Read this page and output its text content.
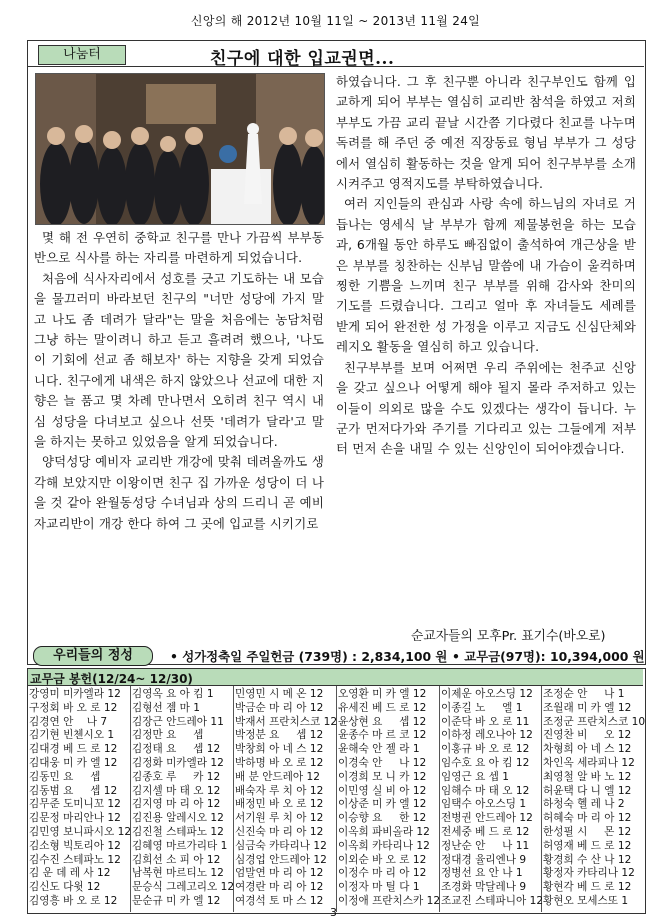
신앙의 해 2012년 10월 11일 ~ 2013년 11월 24일
나눔터	친구에 대한 입교권면...

몇 해 전 우연히 중학교 친구를 만나 가끔씩 부부동반으로 식사를 하는 자리를 마련하게 되었습니다.

처음에 식사자리에서 성호를 긋고 기도하는 내 모습을 물끄러미 바라보던 친구의 "너만 성당에 가지 말고 나도 좀 데려가 달라"는 말을 처음에는 농담처럼 그냥 하는 말이려니 하고 듣고 흘려려 했으나, '나도 이 기회에 선교 좀 해보자' 하는 지향을 갖게 되었습니다. 친구에게 내색은 하지 않았으나 선교에 대한 지향은 늘 품고 몇 차례 만나면서 오히려 친구 역시 내심 성당을 다녀보고 싶으나 선뜻 '데려가 달라'고 말을 하지는 못하고 있었음을 알게 되었습니다.

양덕성당 예비자 교리반 개강에 맞춰 데려올까도 생각해 보았지만 이왕이면 친구 집 가까운 성당이 더 나을 것 같아 완월동성당 수녀님과 상의 드리니 곧 예비자교리반이 개강 한다 하여 그 곳에 입교를 시키기로

하였습니다. 그 후 친구뿐 아니라 친구부인도 함께 입교하게 되어 부부는 열심히 교리반 참석을 하였고 저희 부부도 가끔 교리 끝날 시간쯤 기다렸다 친교를 나누며 독려를 해 주던 중 예전 직장동료 형님 부부가 그 성당에서 열심히 활동하는 것을 알게 되어 친구부부를 소개 시켜주고 영적지도를 부탁하였습니다.

여러 지인들의 관심과 사랑 속에 하느님의 자녀로 거듭나는 영세식 날 부부가 함께 제물봉헌을 하는 모습과, 6개월 동안 하루도 빠짐없이 출석하여 개근상을 받은 부부를 칭찬하는 신부님 말씀에 내 가슴이 울컥하며 찡한 기쁨을 느끼며 친구 부부를 위해 감사와 찬미의 기도를 드렸습니다. 그리고 얼마 후 자녀들도 세례를 받게 되어 완전한 성 가정을 이루고 지금도 신심단체와 레지오 활동을 열심히 하고 있습니다.

친구부부를 보며 어쩌면 우리 주위에는 천주교 신앙을 갖고 싶으나 어떻게 해야 될지 몰라 주저하고 있는 이들이 의외로 많을 수도 있겠다는 생각이 듭니다. 누군가 먼저다가와 주기를 기다리고 있는 그들에게 저부터 먼저 손을 내밀 수 있는 신앙인이 되어야겠습니다.

순교자들의 모후Pr. 표기수(바오로)
우리들의 정성	• 성가정축일 주일헌금 (739명) : 2,834,100 원 • 교무금(97명): 10,394,000 원
교무금 봉헌(12/24~ 12/30)
강영미 미카엘라 12
구정회 바 오 로 12
김경연 안    나 7
김기현 빈첸시오 1
김대경 베 드 로 12
김대웅 미 카 엘 12
김동민 요     셉
김동범 요     셉 12
김무준 도미니꼬 12
김문정 마리안나 12
김민영 보니파시오 12
김소형 빅토리아 12
김수진 스테파노 12
김 운 데 레 사 12
김신도 다윗 12
김영흥 바 오 로 12
김영옥 요 아 킴 1
김형선 젬 마 1
김장근 안드레아 11
김정만 요     셉
김정태 요     셉 12
김정화 미카엘라 12
김종호 루     카 12
김지셀 마 태 오 12
김지영 마 리 아 12
김진용 알레시오 12
김진철 스테파노 12
김혜영 마르가리타 1
김희선 소 피 아 12
남복현 마르티노 12
문승식 그레고리오 12
문순규 미 카 엘 12
민영민 시 메 온 12
박금순 마 리 아 12
박재서 프란치스코 12
박정분 요     셉 12
박창희 아 네 스 12
박하명 바 오 로 12
배 분 안드레아 12
배숙자 루 치 아 12
배정민 바 오 로 12
서기원 루 치 아 12
신진숙 마 리 아 12
심금숙 카타리나 12
심경업 안드레아 12
엄말연 마 리 아 12
여경란 마 리 아 12
여경석 토 마 스 12
오영환 미 카 엘 12
유세진 베 드 로 12
윤상현 요     셉 12
윤종수 마 르 코 12
윤해숙 안 젤 라 1
이경숙 안     나 12
이경희 모 니 카 12
이민영 실 비 아 12
이상준 미 카 엘 12
이승향 요     한 12
이옥희 파비올라 12
이옥희 카타리나 12
이외순 바 오 로 12
이정수 마 리 아 12
이정자 마 틸 다 1
이정애 프란치스카 12
이제운 아오스딩 12
이종길 노     엘 1
이준닥 바 오 로 11
이하정 레오나아 12
이홍규 바 오 로 12
임수호 요 아 킴 12
임영근 요 셉 1
임해수 마 태 오 12
임택수 아오스딩 1
전병권 안드레아 12
전세중 베 드 로 12
정난순 안     나 11
정대경 율리엔나 9
정병선 요 안 나 1
조경화 막달레나 9
조교진 스테파니아 12
조정순 안     나 1
조월래 미 카 엘 12
조정군 프란치스코 10
진영찬 비     오 12
차형희 아 네 스 12
차인옥 세라피나 12
최영철 알 바 노 12
허윤택 다 니 엘 12
하청숙 헬 레 나 2
허혜숙 마 리 아 12
한성필 시     몬 12
허영재 베 드 로 12
황경희 수 산 나 12
황정자 카타리나 12
황현각 베 드 로 12
황현오 모세스또 1
3
